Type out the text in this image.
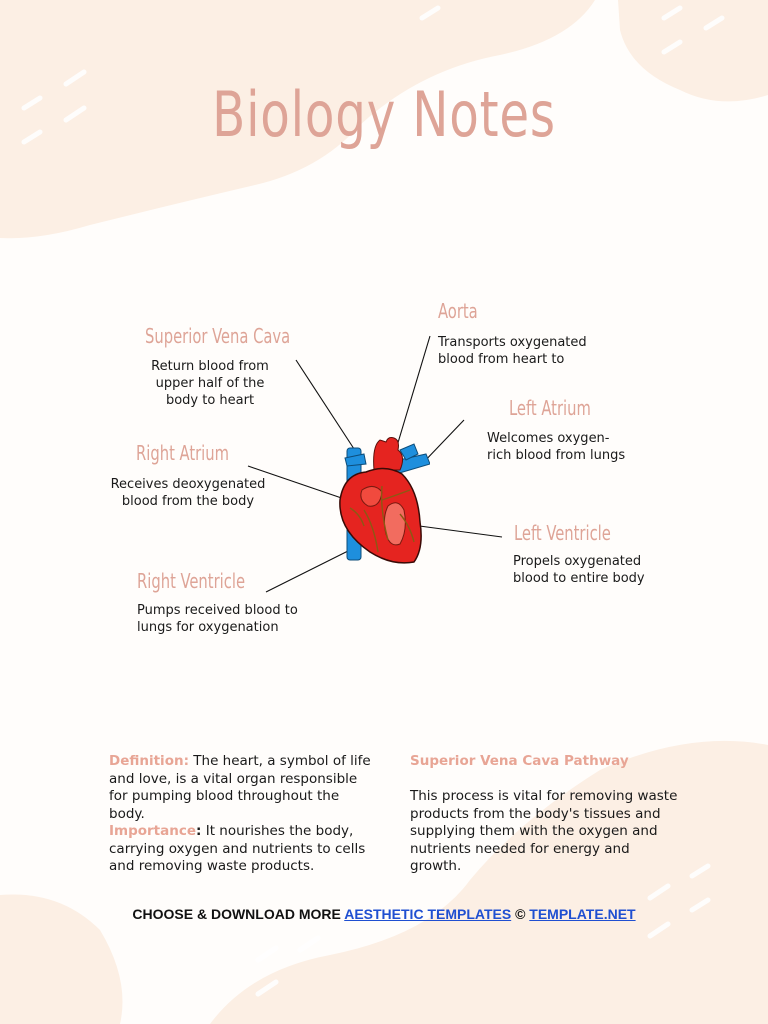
Biology Notes
Superior Vena Cava
Return blood from upper half of the body to heart
Aorta
Transports oxygenated blood from heart to
Left Atrium
Welcomes oxygen-rich blood from lungs
Right Atrium
Receives deoxygenated blood from the body
Left Ventricle
Propels oxygenated blood to entire body
Right Ventricle
Pumps received blood to lungs for oxygenation
Definition: The heart, a symbol of life and love, is a vital organ responsible for pumping blood throughout the body.
Importance: It nourishes the body, carrying oxygen and nutrients to cells and removing waste products.
Superior Vena Cava Pathway
This process is vital for removing waste products from the body's tissues and supplying them with the oxygen and nutrients needed for energy and growth.
CHOOSE & DOWNLOAD MORE AESTHETIC TEMPLATES © TEMPLATE.NET
